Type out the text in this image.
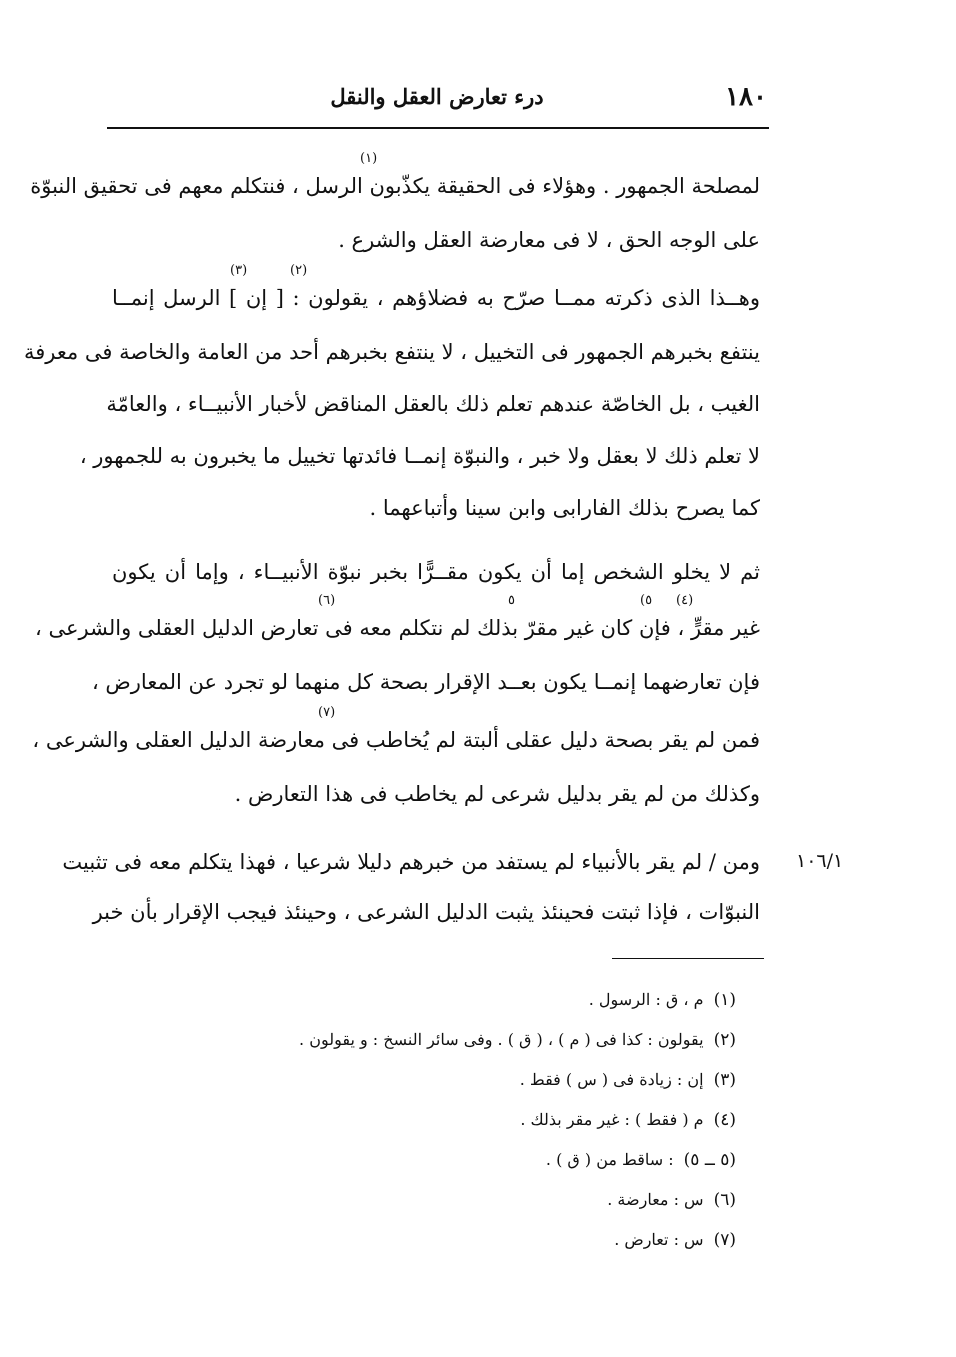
١٨٠
درء تعارض العقل والنقل
(١)
لمصلحة الجمهور . وهؤلاء فى الحقيقة يكذّبون الرسل ، فنتكلم معهم فى تحقيق النبوّة
على الوجه الحق ، لا فى معارضة العقل والشرع .
(٢)
(٣)
وهــذا الذى ذكرته ممــا صرّح به فضلاؤهم ، يقولون : [ إن ] الرسل إنمــا
ينتفع بخبرهم الجمهور فى التخييل ، لا ينتفع بخبرهم أحد من العامة والخاصة فى معرفة
الغيب ، بل الخاصّة عندهم تعلم ذلك بالعقل المناقض لأخبار الأنبيــاء ، والعامّة
لا تعلم ذلك لا بعقل ولا خبر ، والنبوّة إنمــا فائدتها تخييل ما يخبرون به للجمهور ،
كما يصرح بذلك الفارابى وابن سينا وأتباعهما .
ثم لا يخلو الشخص إما أن يكون مقــرًّا بخبر نبوّة الأنبيــاء ، وإما أن يكون
(٤)
(٥
٥
(٦)
غير مقرٍّ ، فإن كان غير مقرّ بذلك لم نتكلم معه فى تعارض الدليل العقلى والشرعى ،
فإن تعارضهما إنمــا يكون بعــد الإقرار بصحة كل منهما لو تجرد عن المعارض ،
(٧)
فمن لم يقر بصحة دليل عقلى ألبتة لم يُخاطب فى معارضة الدليل العقلى والشرعى ،
وكذلك من لم يقر بدليل شرعى لم يخاطب فى هذا التعارض .
ومن / لم يقر بالأنبياء لم يستفد من خبرهم دليلا شرعيا ، فهذا يتكلم معه فى تثبيت
النبوّات ، فإذا ثبتت فحينئذ يثبت الدليل الشرعى ، وحينئذ فيجب الإقرار بأن خبر
١٠٦/١
(١)م ، ق : الرسول .
(٢)يقولون : كذا فى ( م ) ، ( ق ) . وفى سائر النسخ : و يقولون .
(٣)إن : زيادة فى ( س ) فقط .
(٤)م ( فقط ) : غير مقر بذلك .
(٥ ــ ٥): ساقط من ( ق ) .
(٦)س : معارضة .
(٧)س : تعارض .
